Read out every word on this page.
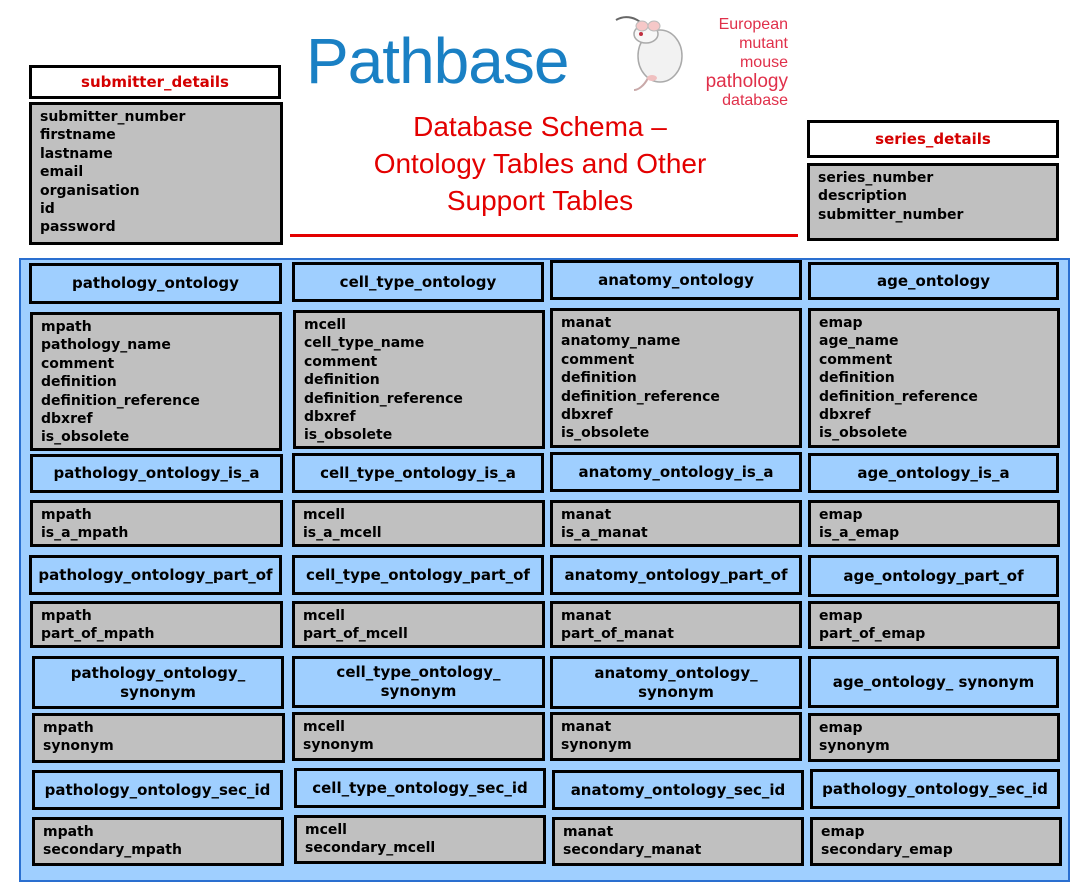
Pathbase
European
mutant
mouse
pathology
database
Database Schema –
Ontology Tables and Other
Support Tables
submitter_details
submitter_number
firstname
lastname
email
organisation
id
password
series_details
series_number
description
submitter_number
pathology_ontology
mpath
pathology_name
comment
definition
definition_reference
dbxref
is_obsolete
cell_type_ontology
mcell
cell_type_name
comment
definition
definition_reference
dbxref
is_obsolete
anatomy_ontology
manat
anatomy_name
comment
definition
definition_reference
dbxref
is_obsolete
age_ontology
emap
age_name
comment
definition
definition_reference
dbxref
is_obsolete
pathology_ontology_is_a
mpath
is_a_mpath
cell_type_ontology_is_a
mcell
is_a_mcell
anatomy_ontology_is_a
manat
is_a_manat
age_ontology_is_a
emap
is_a_emap
pathology_ontology_part_of
mpath
part_of_mpath
cell_type_ontology_part_of
mcell
part_of_mcell
anatomy_ontology_part_of
manat
part_of_manat
age_ontology_part_of
emap
part_of_emap
pathology_ontology_
synonym
mpath
synonym
cell_type_ontology_
synonym
mcell
synonym
anatomy_ontology_
synonym
manat
synonym
age_ontology_ synonym
emap
synonym
pathology_ontology_sec_id
mpath
secondary_mpath
cell_type_ontology_sec_id
mcell
secondary_mcell
anatomy_ontology_sec_id
manat
secondary_manat
pathology_ontology_sec_id
emap
secondary_emap
